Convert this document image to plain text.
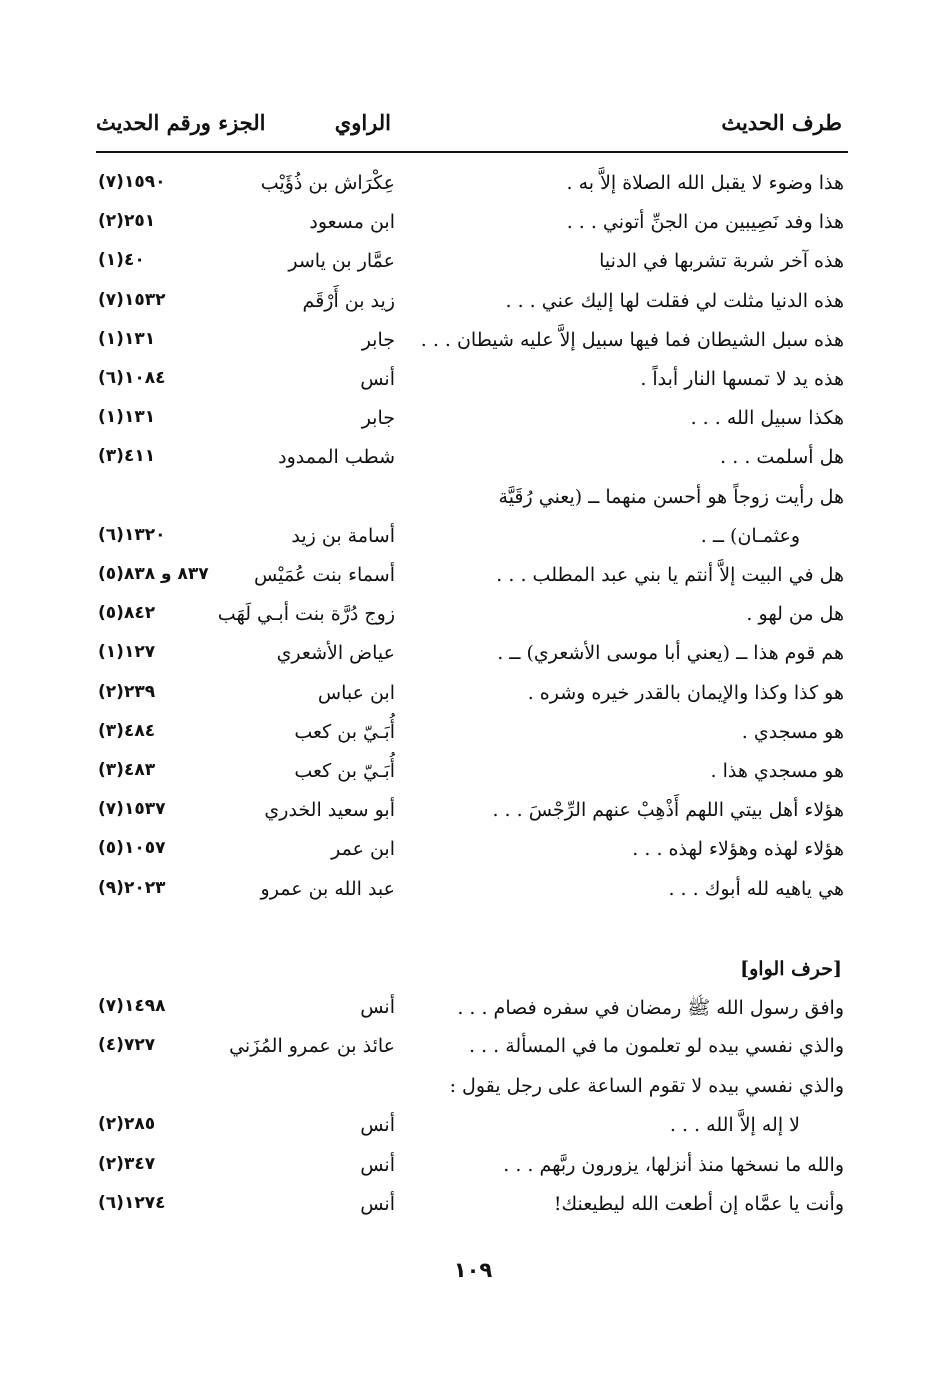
طرف الحديث
الراوي
الجزء ورقم الحديث
هذا وضوء لا يقبل الله الصلاة إلاَّ به .
عِكْرَاش بن ذُؤَيْب
١٥٩٠(٧)
هذا وفد نَصِيبين من الجنِّ أتوني . . .
ابن مسعود
٢٥١(٢)
هذه آخر شربة تشربها في الدنيا
عمَّار بن ياسر
٤٠(١)
هذه الدنيا مثلت لي فقلت لها إليك عني . . .
زيد بن أَرْقَم
١٥٣٢(٧)
هذه سبل الشيطان فما فيها سبيل إلاَّ عليه شيطان . . .
جابر
١٣١(١)
هذه يد لا تمسها النار أبداً .
أنس
١٠٨٤(٦)
هكذا سبيل الله . . .
جابر
١٣١(١)
هل أسلمت . . .
شطب الممدود
٤١١(٣)
هل رأيت زوجاً هو أحسن منهما ــ (يعني رُقَيَّة
وعثمـان) ــ .
أسامة بن زيد
١٣٢٠(٦)
هل في البيت إلاَّ أنتم يا بني عبد المطلب . . .
أسماء بنت عُمَيْس
(٥)٨٣٧ و ٨٣٨
هل من لهو .
زوج دُرَّة بنت أبـي لَهَب
٨٤٢(٥)
هم قوم هذا ــ (يعني أبا موسى الأشعري) ــ .
عياض الأشعري
١٢٧(١)
هو كذا وكذا والإيمان بالقدر خيره وشره .
ابن عباس
٢٣٩(٢)
هو مسجدي .
أُبَـيّ بن كعب
٤٨٤(٣)
هو مسجدي هذا .
أُبَـيّ بن كعب
٤٨٣(٣)
هؤلاء أهل بيتي اللهم أَذْهِبْ عنهم الرِّجْسَ . . .
أبو سعيد الخدري
١٥٣٧(٧)
هؤلاء لهذه وهؤلاء لهذه . . .
ابن عمر
١٠٥٧(٥)
هي ياهيه لله أبوك . . .
عبد الله بن عمرو
٢٠٢٣(٩)
[حرف الواو]
وافق رسول الله ﷺ رمضان في سفره فصام . . .
أنس
١٤٩٨(٧)
والذي نفسي بيده لو تعلمون ما في المسألة . . .
عائذ بن عمرو المُزَني
٧٢٧(٤)
والذي نفسي بيده لا تقوم الساعة على رجل يقول :
لا إله إلاَّ الله . . .
أنس
٢٨٥(٢)
والله ما نسخها منذ أنزلها، يزورون ربَّهم . . .
أنس
٣٤٧(٢)
وأنت يا عمَّاه إن أطعت الله ليطيعنك!
أنس
١٢٧٤(٦)
١٠٩
